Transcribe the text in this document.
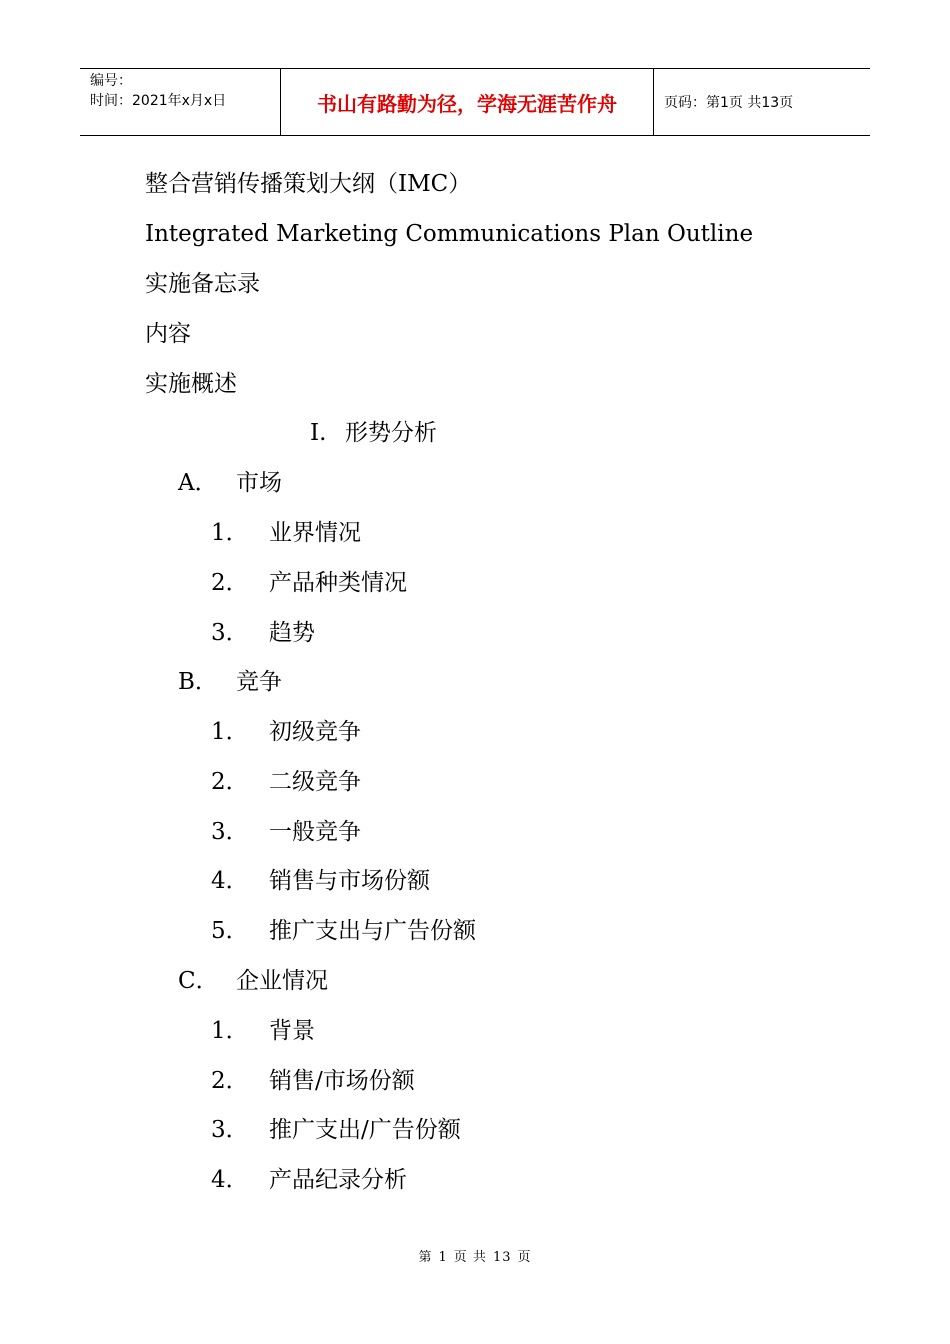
编号：
时间：2021年x月x日	书山有路勤为径，学海无涯苦作舟	页码：第1页 共13页
整合营销传播策划大纲（IMC）
Integrated Marketing Communications Plan Outline
实施备忘录
内容
实施概述
I. 形势分析
A． 市场
1． 业界情况
2． 产品种类情况
3． 趋势
B． 竞争
1． 初级竞争
2． 二级竞争
3． 一般竞争
4． 销售与市场份额
5． 推广支出与广告份额
C． 企业情况
1． 背景
2． 销售/市场份额
3． 推广支出/广告份额
4． 产品纪录分析
第 1 页 共 13 页
